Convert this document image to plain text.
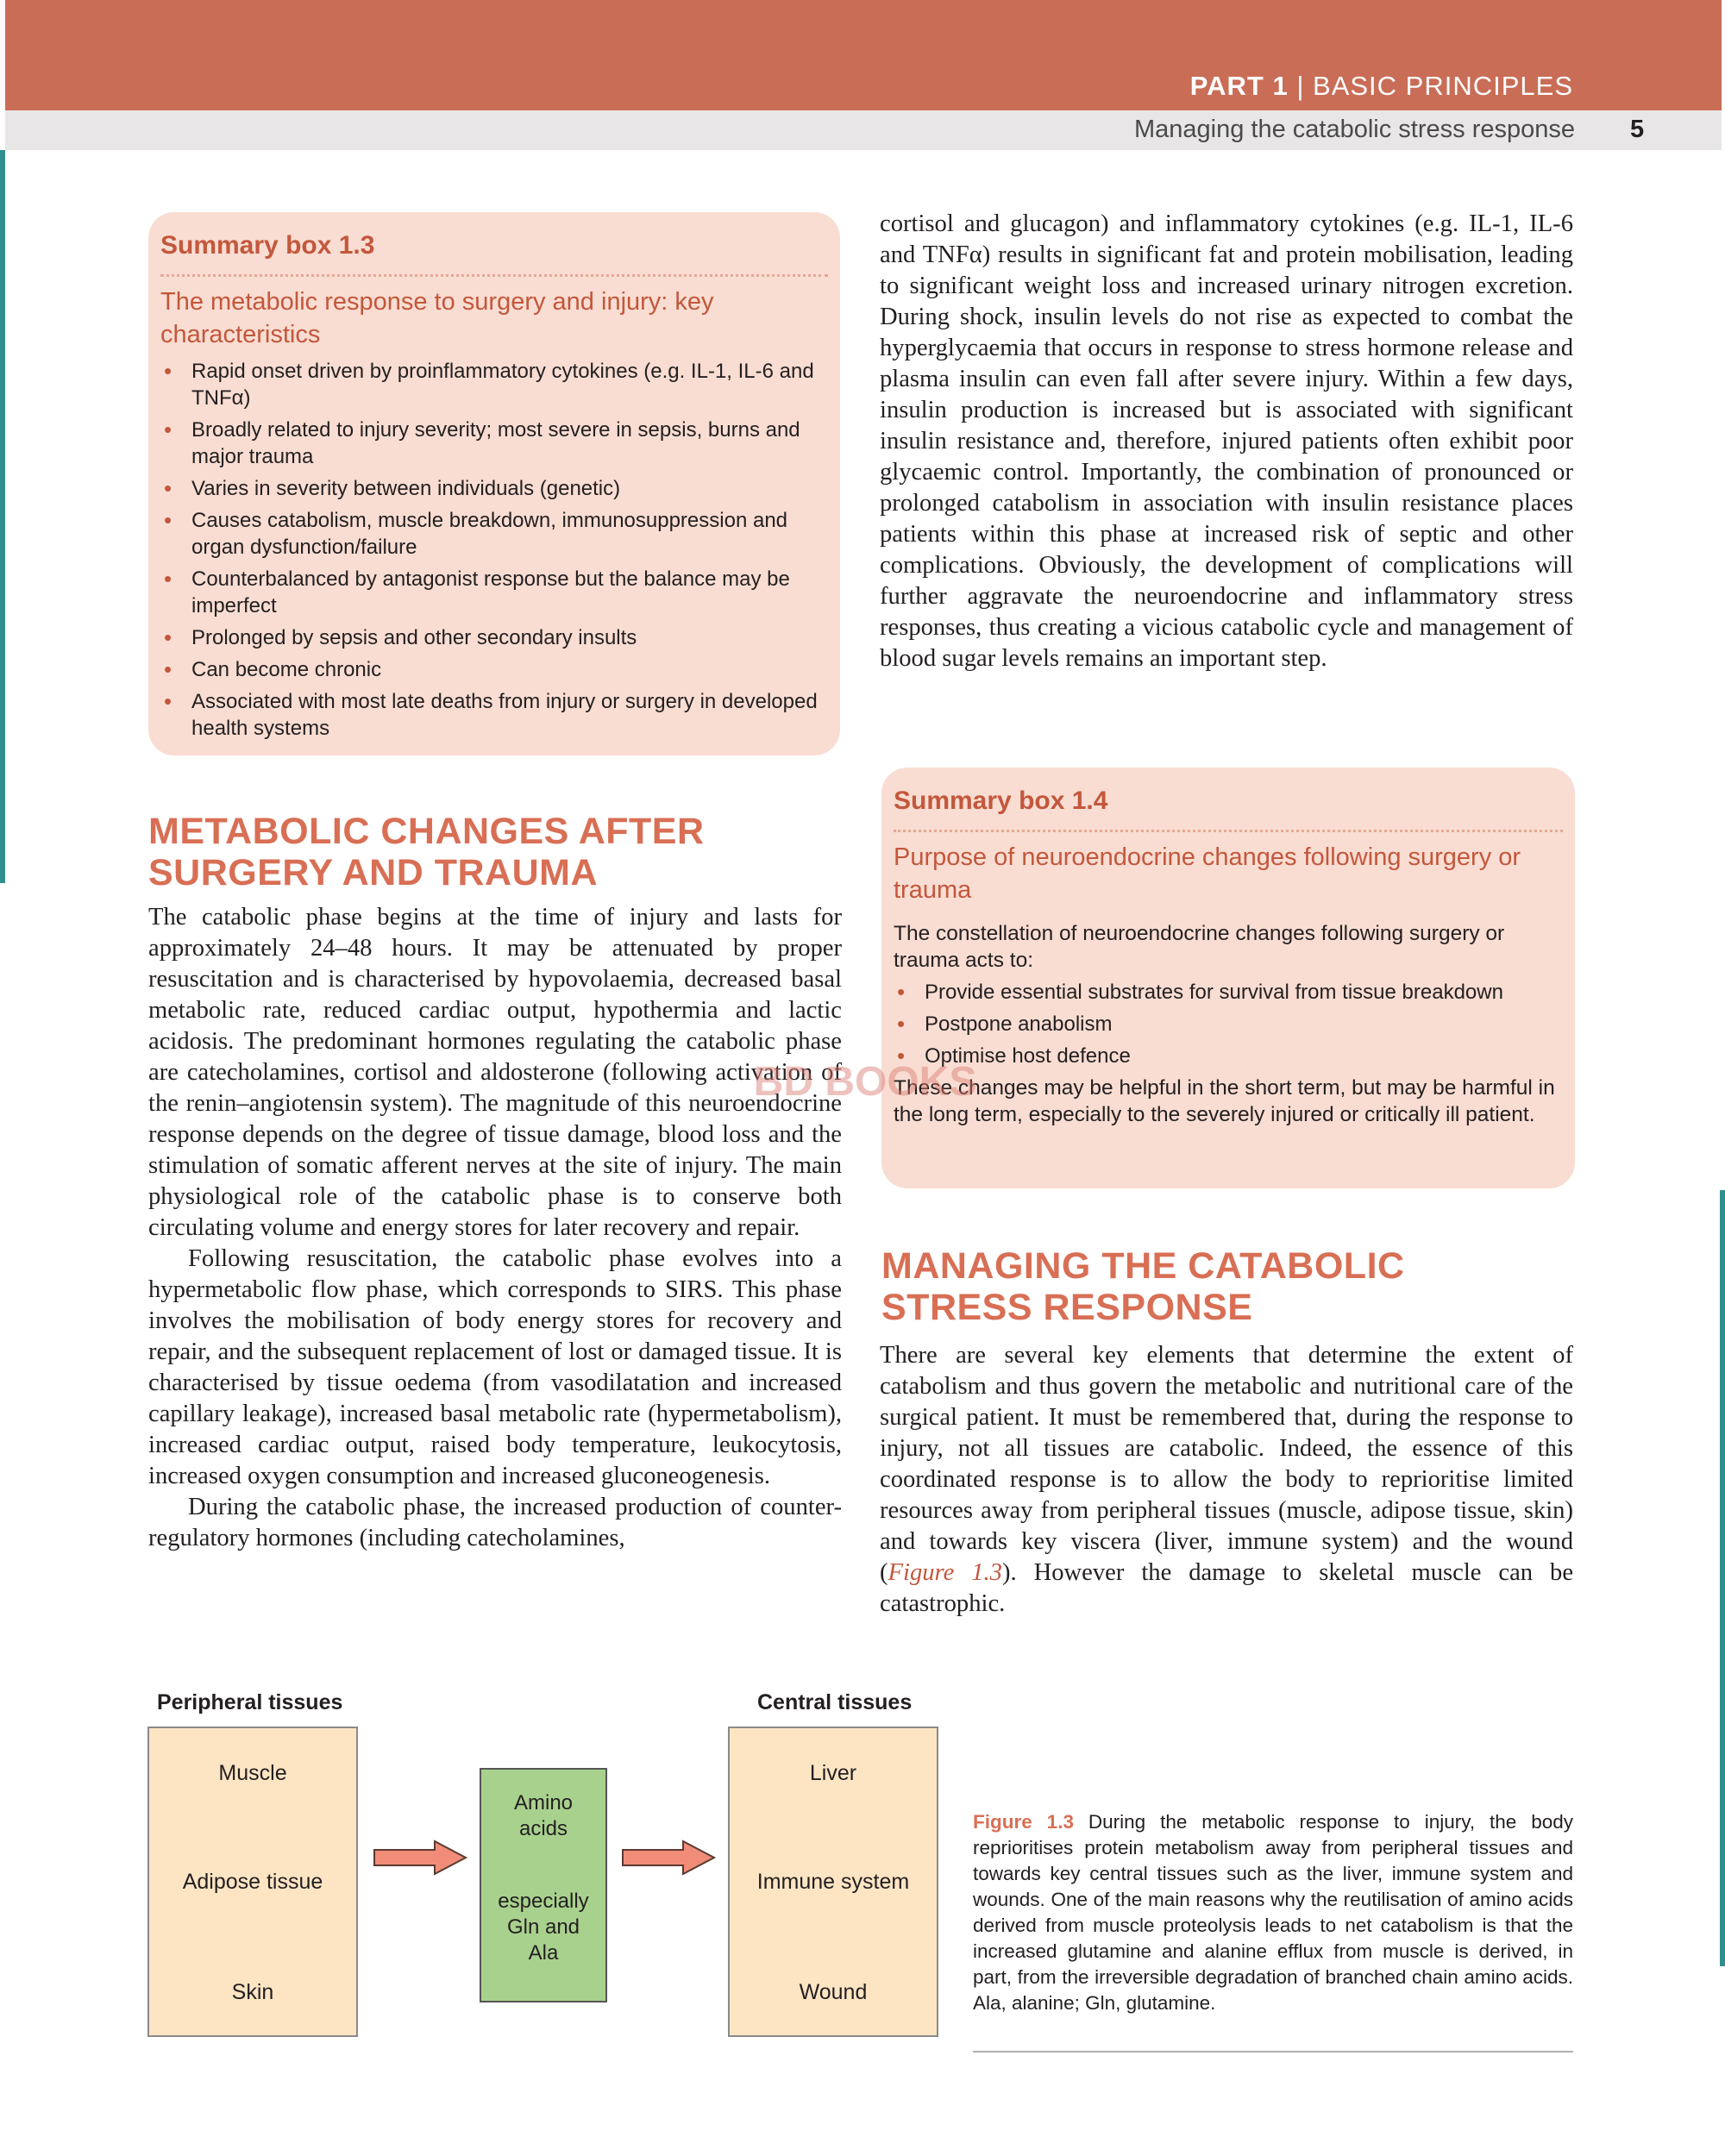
PART 1 | BASIC PRINCIPLES
Managing the catabolic stress response 5
Summary box 1.3
The metabolic response to surgery and injury: key characteristics
• Rapid onset driven by proinflammatory cytokines (e.g. IL-1, IL-6 and TNFα)
• Broadly related to injury severity; most severe in sepsis, burns and major trauma
• Varies in severity between individuals (genetic)
• Causes catabolism, muscle breakdown, immunosuppression and organ dysfunction/failure
• Counterbalanced by antagonist response but the balance may be imperfect
• Prolonged by sepsis and other secondary insults
• Can become chronic
• Associated with most late deaths from injury or surgery in developed health systems
METABOLIC CHANGES AFTER
SURGERY AND TRAUMA

The catabolic phase begins at the time of injury and lasts for approximately 24–48 hours. It may be attenuated by proper resuscitation and is characterised by hypovolaemia, decreased basal metabolic rate, reduced cardiac output, hypothermia and lactic acidosis. The predominant hormones regulating the catabolic phase are catecholamines, cortisol and aldosterone (following activation of the renin–angiotensin system). The magnitude of this neuroendocrine response depends on the degree of tissue damage, blood loss and the stimulation of somatic afferent nerves at the site of injury. The main physiological role of the catabolic phase is to conserve both circulating volume and energy stores for later recovery and repair.

Following resuscitation, the catabolic phase evolves into a hypermetabolic flow phase, which corresponds to SIRS. This phase involves the mobilisation of body energy stores for recovery and repair, and the subsequent replacement of lost or damaged tissue. It is characterised by tissue oedema (from vasodilatation and increased capillary leakage), increased basal metabolic rate (hypermetabolism), increased cardiac output, raised body temperature, leukocytosis, increased oxygen consumption and increased gluconeogenesis.

During the catabolic phase, the increased production of counter-regulatory hormones (including catecholamines,

cortisol and glucagon) and inflammatory cytokines (e.g. IL-1, IL-6 and TNFα) results in significant fat and protein mobilisation, leading to significant weight loss and increased urinary nitrogen excretion. During shock, insulin levels do not rise as expected to combat the hyperglycaemia that occurs in response to stress hormone release and plasma insulin can even fall after severe injury. Within a few days, insulin production is increased but is associated with significant insulin resistance and, therefore, injured patients often exhibit poor glycaemic control. Importantly, the combination of pronounced or prolonged catabolism in association with insulin resistance places patients within this phase at increased risk of septic and other complications. Obviously, the development of complications will further aggravate the neuroendocrine and inflammatory stress responses, thus creating a vicious catabolic cycle and management of blood sugar levels remains an important step.

Summary box 1.4
Purpose of neuroendocrine changes following surgery or trauma

The constellation of neuroendocrine changes following surgery or trauma acts to:

• Provide essential substrates for survival from tissue breakdown
• Postpone anabolism
• Optimise host defence

These changes may be helpful in the short term, but may be harmful in the long term, especially to the severely injured or critically ill patient.

MANAGING THE CATABOLIC
STRESS RESPONSE

There are several key elements that determine the extent of catabolism and thus govern the metabolic and nutritional care of the surgical patient. It must be remembered that, during the response to injury, not all tissues are catabolic. Indeed, the essence of this coordinated response is to allow the body to reprioritise limited resources away from peripheral tissues (muscle, adipose tissue, skin) and towards key viscera (liver, immune system) and the wound (Figure 1.3). However the damage to skeletal muscle can be catastrophic.

BD BOOKS
Peripheral tissues	Central tissues
Muscle
Adipose tissue
Skin
Amino
acids
especially
Gln and
Ala
Liver
Immune system
Wound
Figure 1.3 During the metabolic response to injury, the body reprioritises protein metabolism away from peripheral tissues and towards key central tissues such as the liver, immune system and wounds. One of the main reasons why the reutilisation of amino acids derived from muscle proteolysis leads to net catabolism is that the increased glutamine and alanine efflux from muscle is derived, in part, from the irreversible degradation of branched chain amino acids. Ala, alanine; Gln, glutamine.
